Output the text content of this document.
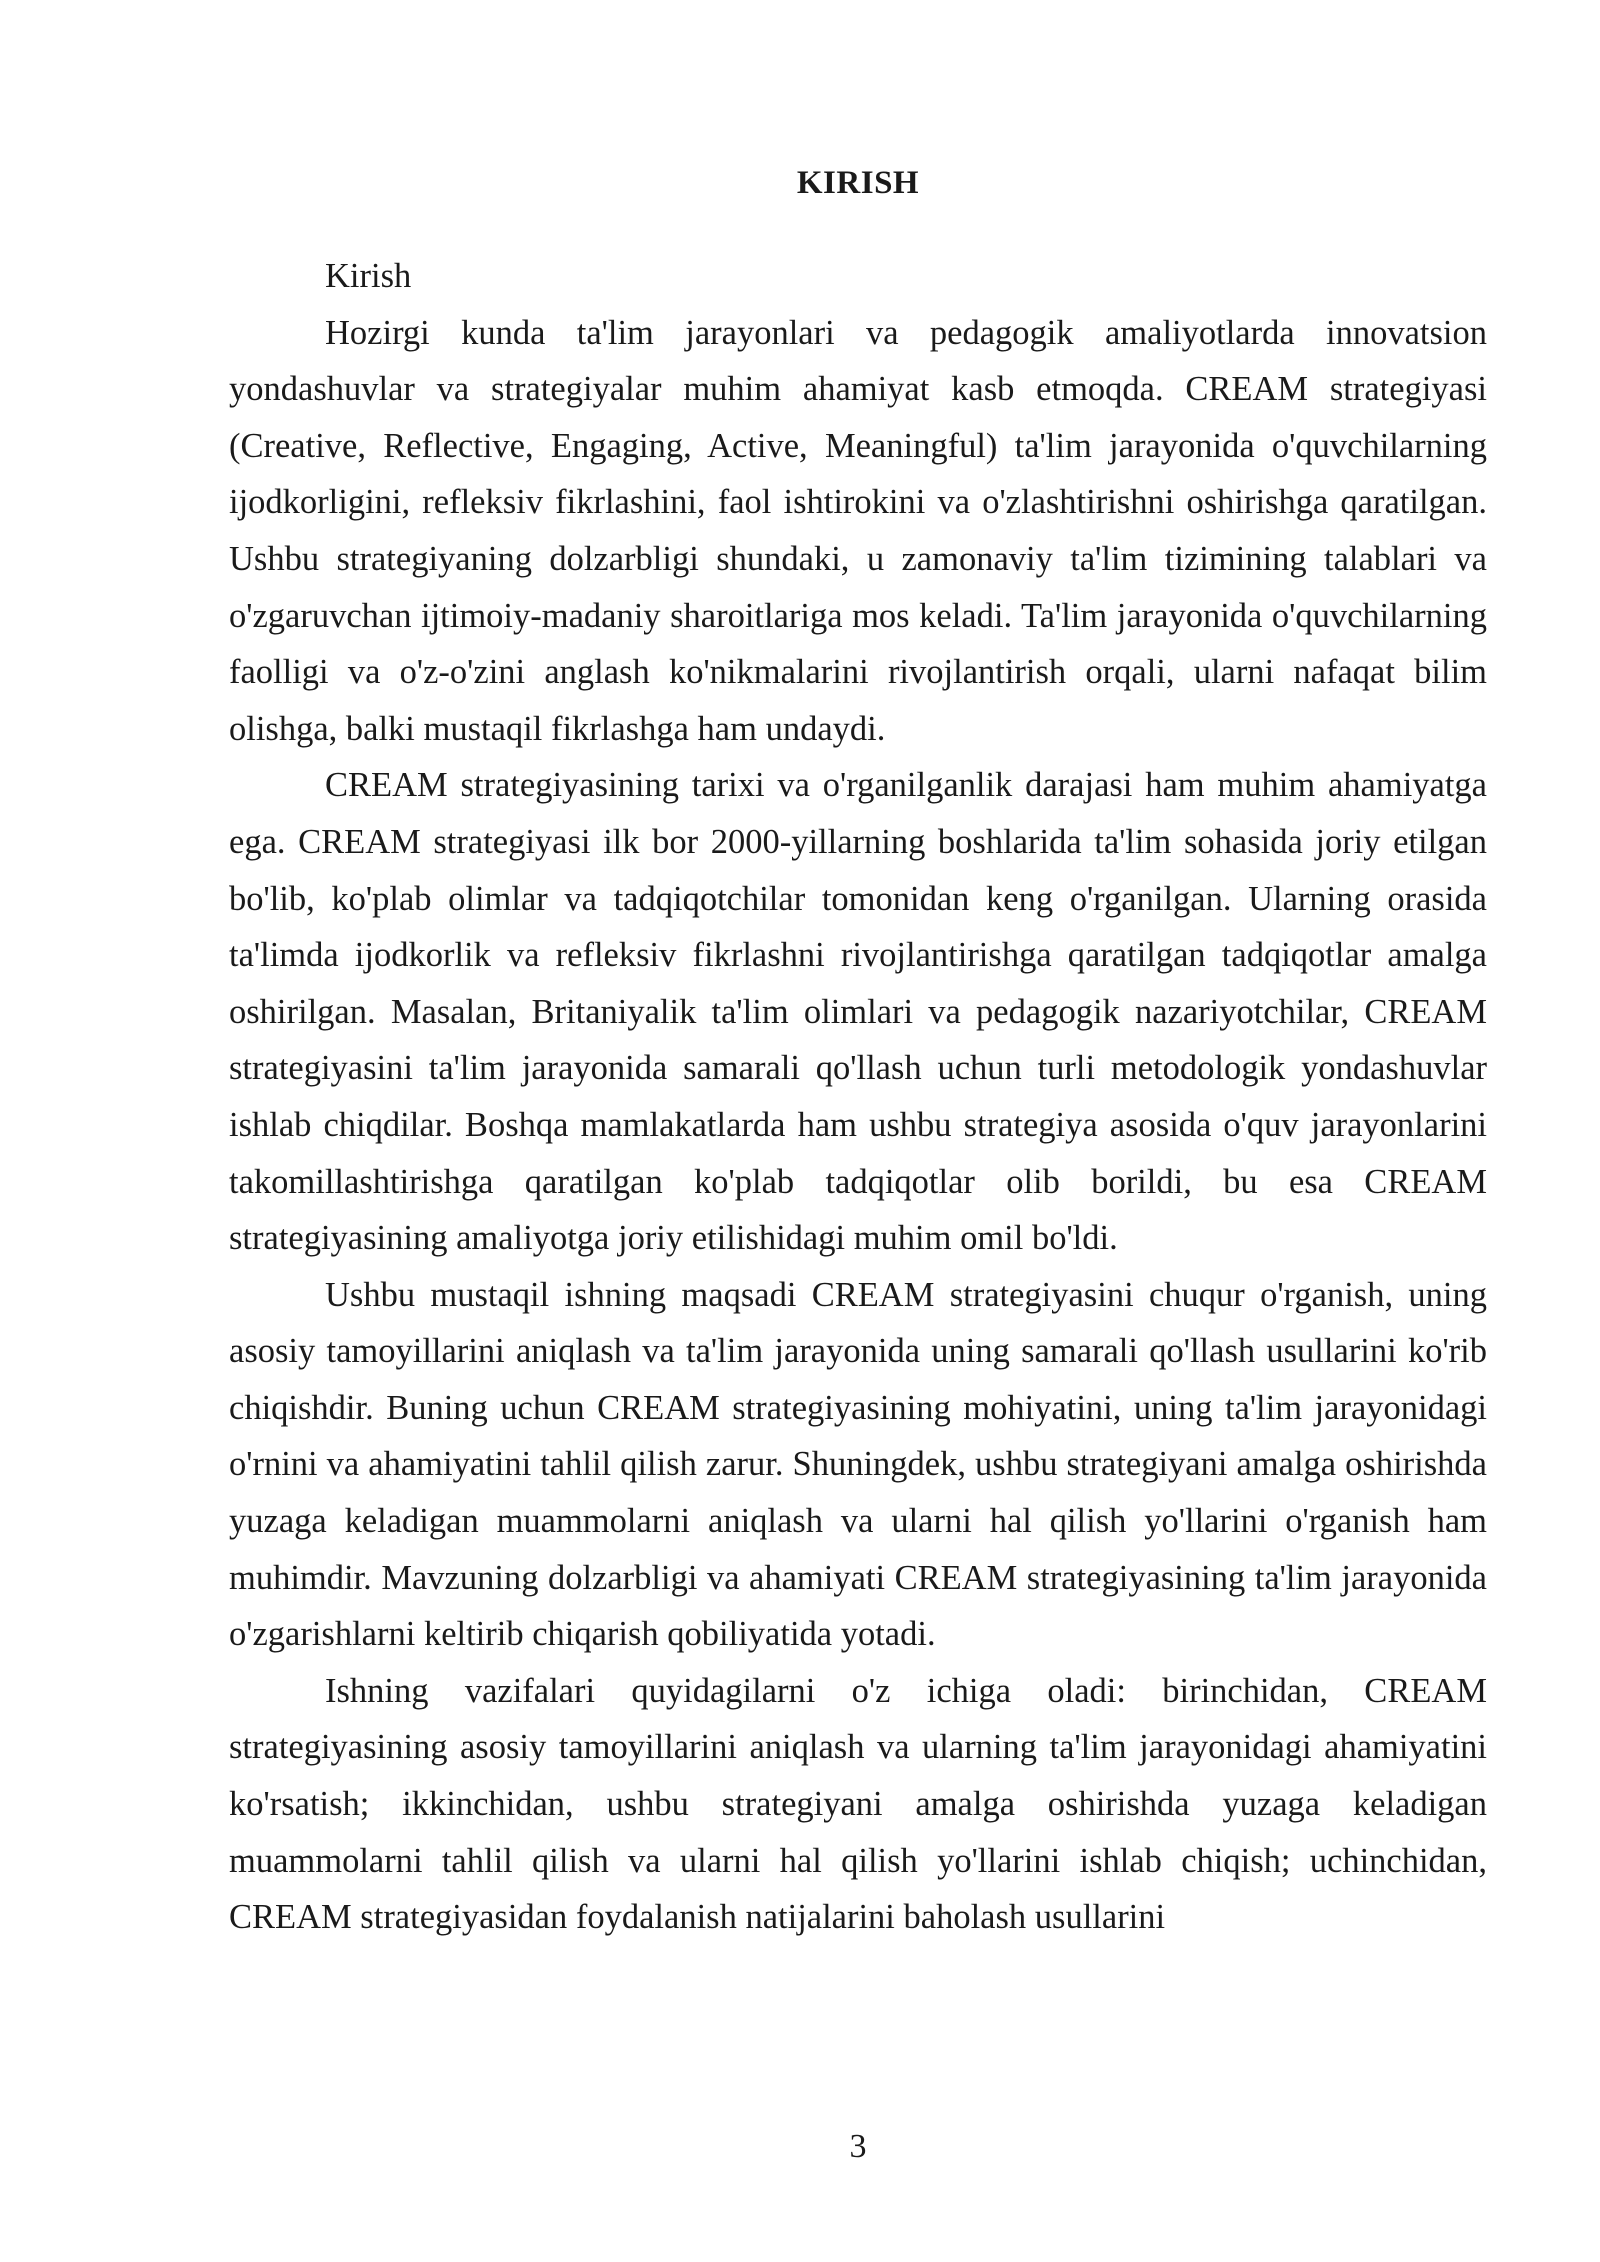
KIRISH

Kirish

Hozirgi kunda ta'lim jarayonlari va pedagogik amaliyotlarda innovatsion yondashuvlar va strategiyalar muhim ahamiyat kasb etmoqda. CREAM strategiyasi (Creative, Reflective, Engaging, Active, Meaningful) ta'lim jarayonida o'quvchilarning ijodkorligini, refleksiv fikrlashini, faol ishtirokini va o'zlashtirishni oshirishga qaratilgan. Ushbu strategiyaning dolzarbligi shundaki, u zamonaviy ta'lim tizimining talablari va o'zgaruvchan ijtimoiy-madaniy sharoitlariga mos keladi. Ta'lim jarayonida o'quvchilarning faolligi va o'z-o'zini anglash ko'nikmalarini rivojlantirish orqali, ularni nafaqat bilim olishga, balki mustaqil fikrlashga ham undaydi.

CREAM strategiyasining tarixi va o'rganilganlik darajasi ham muhim ahamiyatga ega. CREAM strategiyasi ilk bor 2000-yillarning boshlarida ta'lim sohasida joriy etilgan bo'lib, ko'plab olimlar va tadqiqotchilar tomonidan keng o'rganilgan. Ularning orasida ta'limda ijodkorlik va refleksiv fikrlashni rivojlantirishga qaratilgan tadqiqotlar amalga oshirilgan. Masalan, Britaniyalik ta'lim olimlari va pedagogik nazariyotchilar, CREAM strategiyasini ta'lim jarayonida samarali qo'llash uchun turli metodologik yondashuvlar ishlab chiqdilar. Boshqa mamlakatlarda ham ushbu strategiya asosida o'quv jarayonlarini takomillashtirishga qaratilgan ko'plab tadqiqotlar olib borildi, bu esa CREAM strategiyasining amaliyotga joriy etilishidagi muhim omil bo'ldi.

Ushbu mustaqil ishning maqsadi CREAM strategiyasini chuqur o'rganish, uning asosiy tamoyillarini aniqlash va ta'lim jarayonida uning samarali qo'llash usullarini ko'rib chiqishdir. Buning uchun CREAM strategiyasining mohiyatini, uning ta'lim jarayonidagi o'rnini va ahamiyatini tahlil qilish zarur. Shuningdek, ushbu strategiyani amalga oshirishda yuzaga keladigan muammolarni aniqlash va ularni hal qilish yo'llarini o'rganish ham muhimdir. Mavzuning dolzarbligi va ahamiyati CREAM strategiyasining ta'lim jarayonida o'zgarishlarni keltirib chiqarish qobiliyatida yotadi.

Ishning vazifalari quyidagilarni o'z ichiga oladi: birinchidan, CREAM strategiyasining asosiy tamoyillarini aniqlash va ularning ta'lim jarayonidagi ahamiyatini ko'rsatish; ikkinchidan, ushbu strategiyani amalga oshirishda yuzaga keladigan muammolarni tahlil qilish va ularni hal qilish yo'llarini ishlab chiqish; uchinchidan, CREAM strategiyasidan foydalanish natijalarini baholash usullarini

3
